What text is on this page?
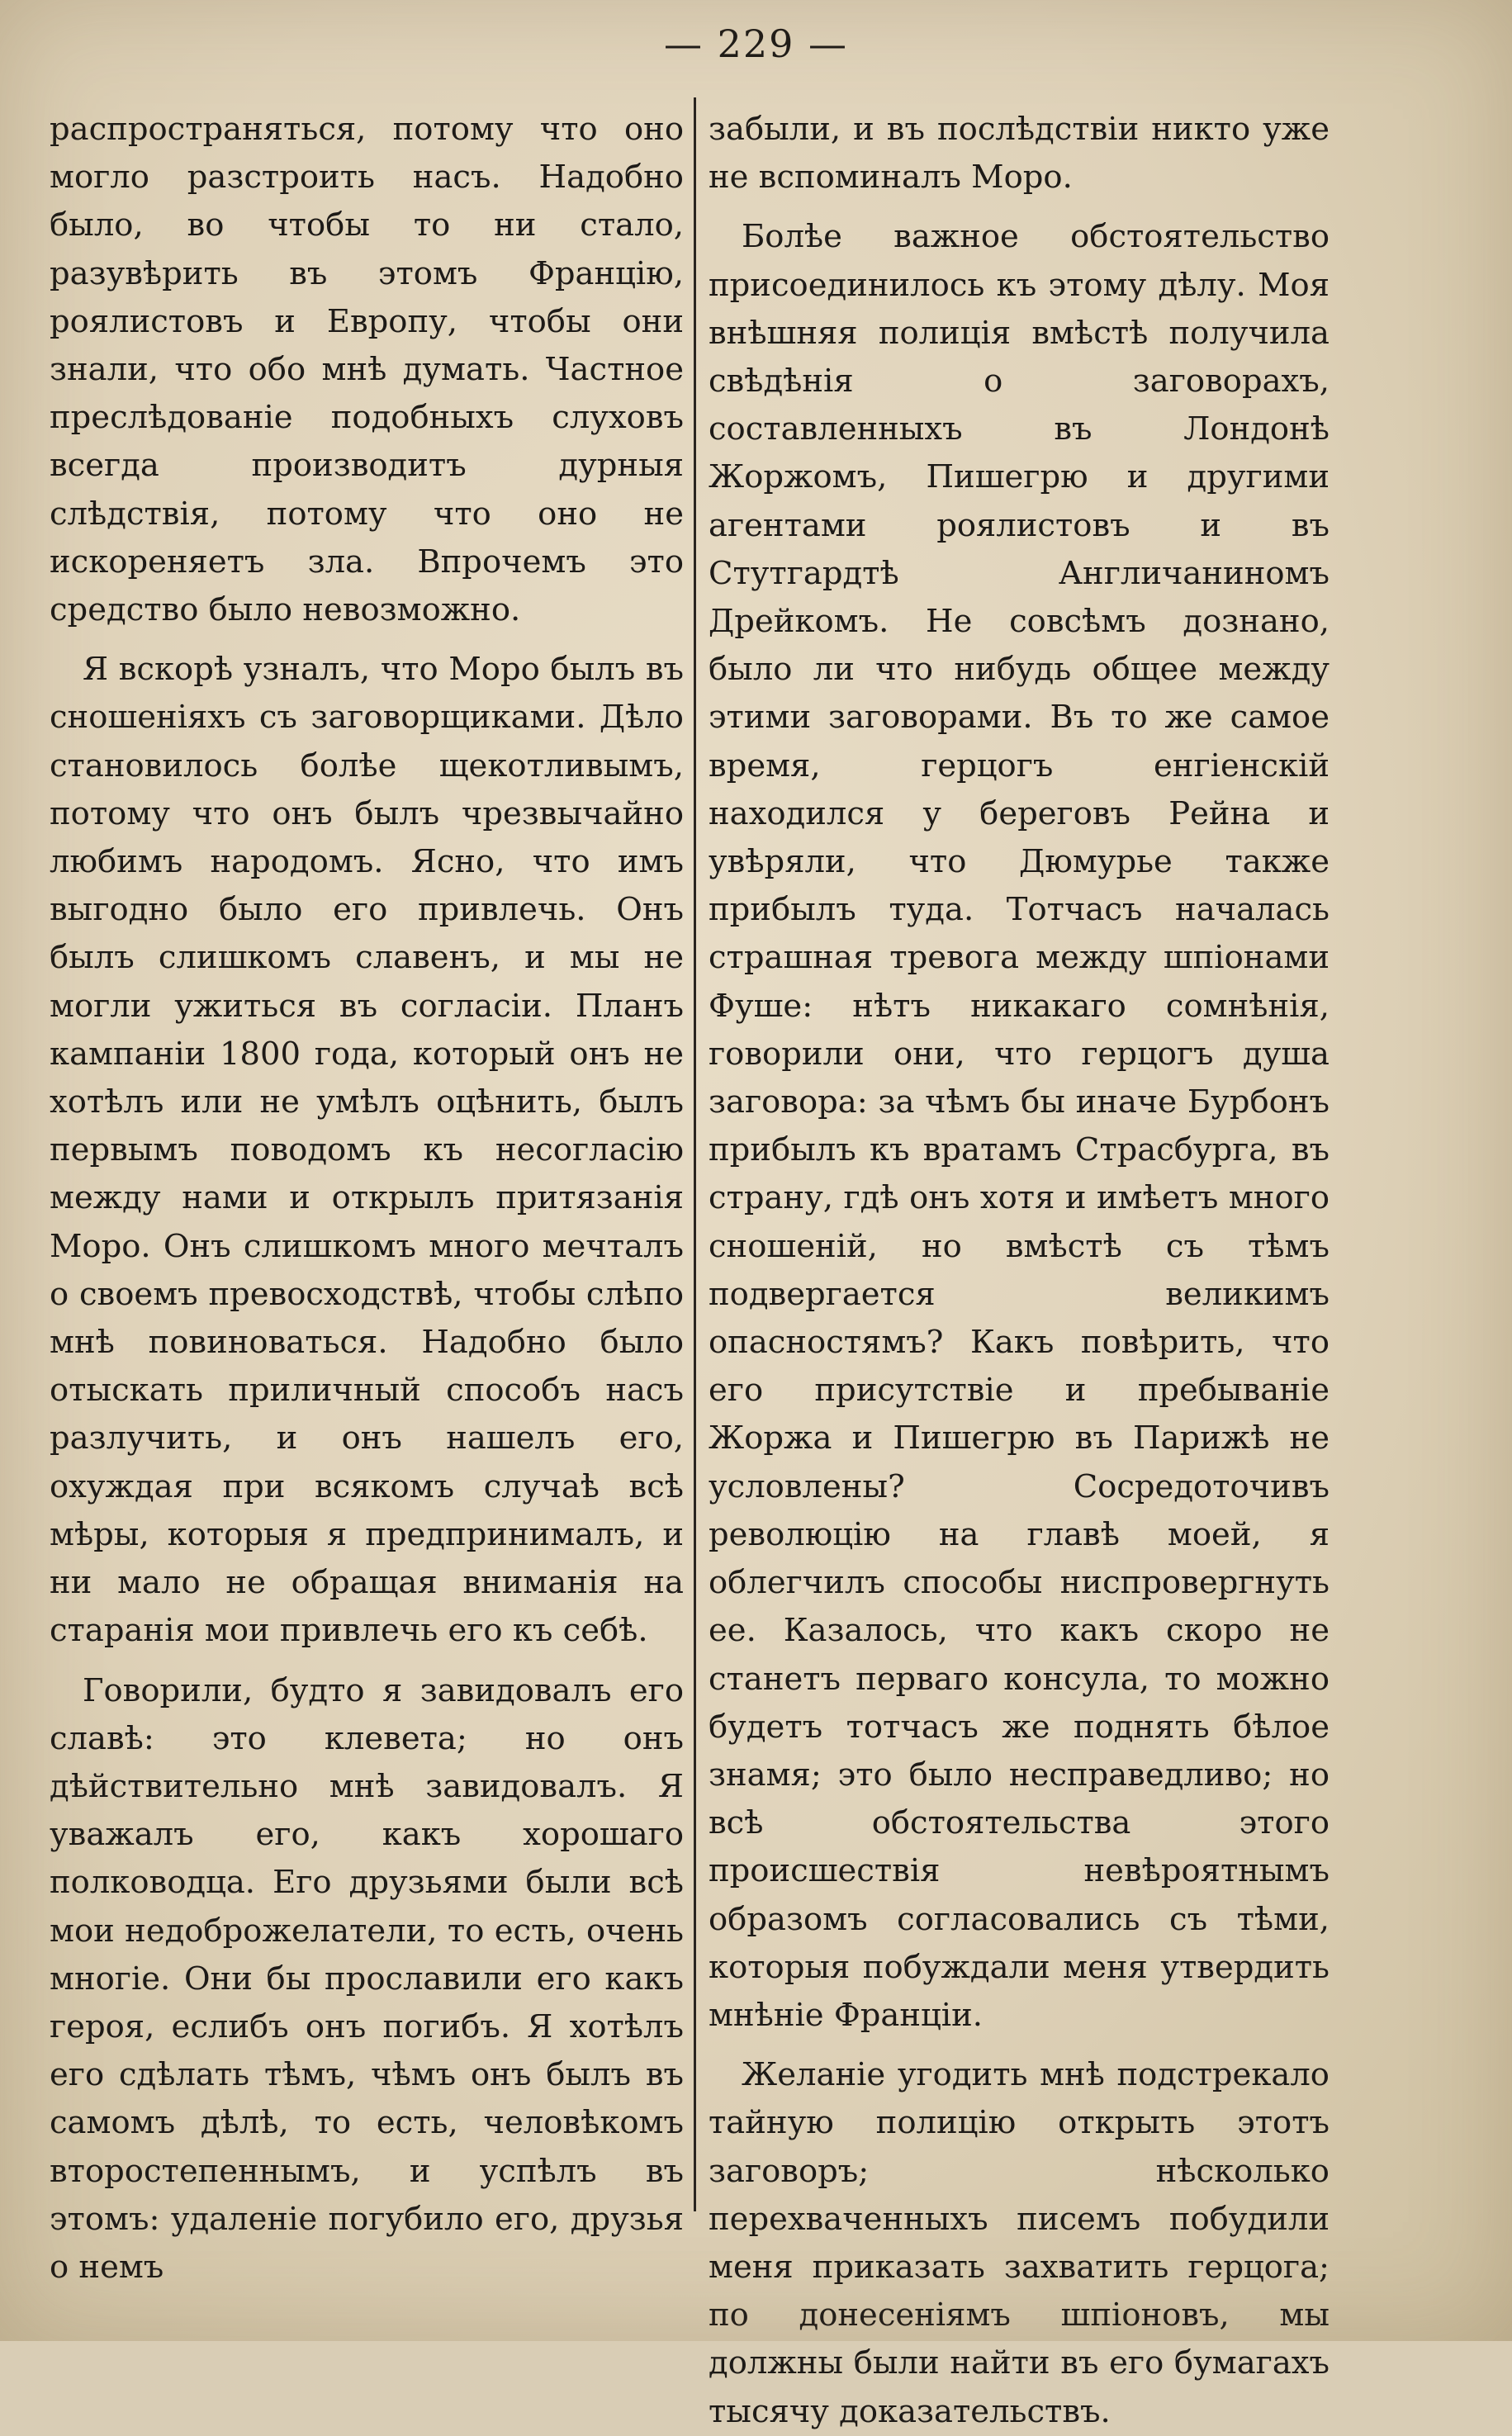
— 229 —

распространяться, потому что оно могло разстроить насъ. Надобно было, во чтобы то ни стало, разувѣрить въ этомъ Францію, роялистовъ и Европу, чтобы они знали, что обо мнѣ думать. Частное преслѣдованіе подобныхъ слуховъ всегда производитъ дурныя слѣдствія, потому что оно не искореняетъ зла. Впрочемъ это средство было невозможно.

Я вскорѣ узналъ, что Моро былъ въ сношеніяхъ съ заговорщиками. Дѣло становилось болѣе щекотливымъ, потому что онъ былъ чрезвычайно любимъ народомъ. Ясно, что имъ выгодно было его привлечь. Онъ былъ слишкомъ славенъ, и мы не могли ужиться въ согласіи. Планъ кампаніи 1800 года, который онъ не хотѣлъ или не умѣлъ оцѣнить, былъ первымъ поводомъ къ несогласію между нами и открылъ притязанія Моро. Онъ слишкомъ много мечталъ о своемъ превосходствѣ, чтобы слѣпо мнѣ повиноваться. Надобно было отыскать приличный способъ насъ разлучить, и онъ нашелъ его, охуждая при всякомъ случаѣ всѣ мѣры, которыя я предпринималъ, и ни мало не обращая вниманія на старанія мои привлечь его къ себѣ.

Говорили, будто я завидовалъ его славѣ: это клевета; но онъ дѣйствительно мнѣ завидовалъ. Я уважалъ его, какъ хорошаго полководца. Его друзьями были всѣ мои недоброжелатели, то есть, очень многіе. Они бы прославили его какъ героя, еслибъ онъ погибъ. Я хотѣлъ его сдѣлать тѣмъ, чѣмъ онъ былъ въ самомъ дѣлѣ, то есть, человѣкомъ второстепеннымъ, и успѣлъ въ этомъ: удаленіе погубило его, друзья о немъ

забыли, и въ послѣдствіи никто уже не вспоминалъ Моро.

Болѣе важное обстоятельство присоединилось къ этому дѣлу. Моя внѣшняя полиція вмѣстѣ получила свѣдѣнія о заговорахъ, составленныхъ въ Лондонѣ Жоржомъ, Пишегрю и другими агентами роялистовъ и въ Стутгардтѣ Англичаниномъ Дрейкомъ. Не совсѣмъ дознано, было ли что нибудь общее между этими заговорами. Въ то же самое время, герцогъ енгіенскій находился у береговъ Рейна и увѣряли, что Дюмурье также прибылъ туда. Тотчасъ началась страшная тревога между шпіонами Фуше: нѣтъ никакаго сомнѣнія, говорили они, что герцогъ душа заговора: за чѣмъ бы иначе Бурбонъ прибылъ къ вратамъ Страсбурга, въ страну, гдѣ онъ хотя и имѣетъ много сношеній, но вмѣстѣ съ тѣмъ подвергается великимъ опасностямъ? Какъ повѣрить, что его присутствіе и пребываніе Жоржа и Пишегрю въ Парижѣ не условлены? Сосредоточивъ революцію на главѣ моей, я облегчилъ способы ниспровергнуть ее. Казалось, что какъ скоро не станетъ перваго консула, то можно будетъ тотчасъ же поднять бѣлое знамя; это было несправедливо; но всѣ обстоятельства этого происшествія невѣроятнымъ образомъ согласовались съ тѣми, которыя побуждали меня утвердить мнѣніе Франціи.

Желаніе угодить мнѣ подстрекало тайную полицію открыть этотъ заговоръ; нѣсколько перехваченныхъ писемъ побудили меня приказать захватить герцога; по донесеніямъ шпіоновъ, мы должны были найти въ его бумагахъ тысячу доказательствъ.
